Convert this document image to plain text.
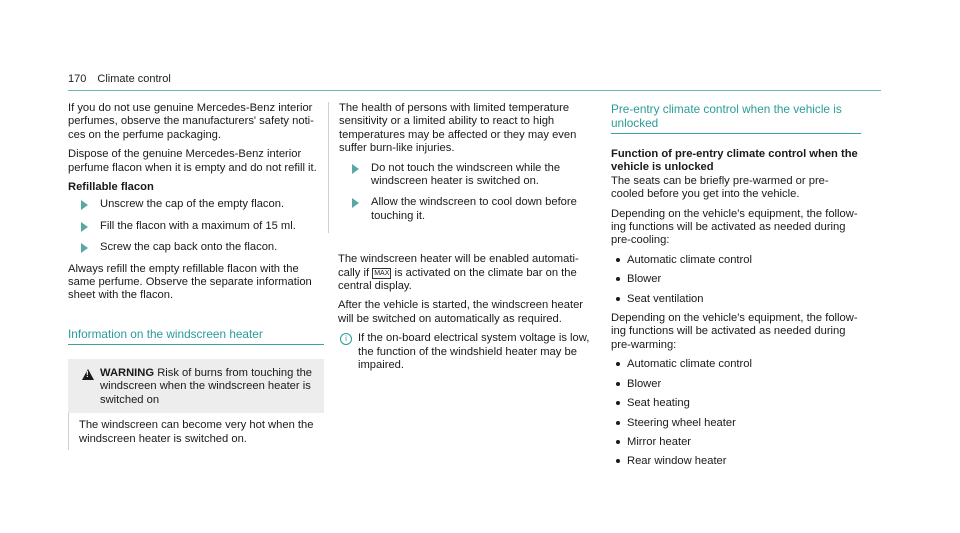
170 Climate control

If you do not use genuine Mercedes-Benz interior perfumes, observe the manufacturers' safety noti- ces on the perfume packaging.

Dispose of the genuine Mercedes-Benz interior perfume flacon when it is empty and do not refill it.

Refillable flacon
Unscrew the cap of the empty flacon.
Fill the flacon with a maximum of 15 ml.
Screw the cap back onto the flacon.

Always refill the empty refillable flacon with the same perfume. Observe the separate information sheet with the flacon.

Information on the windscreen heater
!
WARNING Risk of burns from touching the windscreen when the windscreen heater is switched on
The windscreen can become very hot when the windscreen heater is switched on.

The health of persons with limited temperature sensitivity or a limited ability to react to high temperatures may be affected or they may even suffer burn-like injuries.

Do not touch the windscreen while the windscreen heater is switched on.
Allow the windscreen to cool down before touching it.

The windscreen heater will be enabled automati- cally if MAX is activated on the climate bar on the central display.

After the vehicle is started, the windscreen heater will be switched on automatically as required.

i If the on-board electrical system voltage is low, the function of the windshield heater may be impaired.
Pre-entry climate control when the vehicle is unlocked
Function of pre-entry climate control when the vehicle is unlocked

The seats can be briefly pre-warmed or pre- cooled before you get into the vehicle.

Depending on the vehicle's equipment, the follow- ing functions will be activated as needed during pre-cooling:

Automatic climate control
Blower
Seat ventilation

Depending on the vehicle's equipment, the follow- ing functions will be activated as needed during pre-warming:

Automatic climate control
Blower
Seat heating
Steering wheel heater
Mirror heater
Rear window heater
